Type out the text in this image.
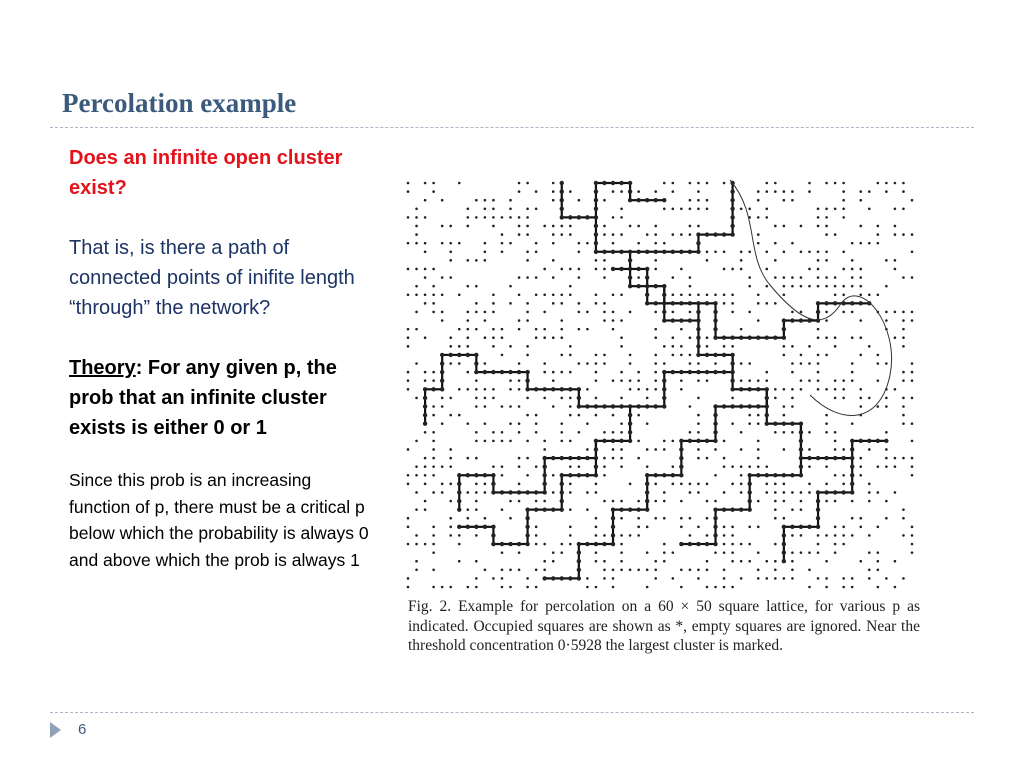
Percolation example

Does an infinite open cluster exist?

That is, is there a path of connected points of inifite length “through” the network?

Theory: For any given p, the prob that an infinite cluster exists is either 0 or 1

Since this prob is an increasing function of p, there must be a critical p below which the probability is always 0 and above which the prob is always 1

Fig. 2. Example for percolation on a 60 × 50 square lattice, for various p as indicated. Occupied squares are shown as *, empty squares are ignored. Near the threshold concentration 0·5928 the largest cluster is marked.

6
